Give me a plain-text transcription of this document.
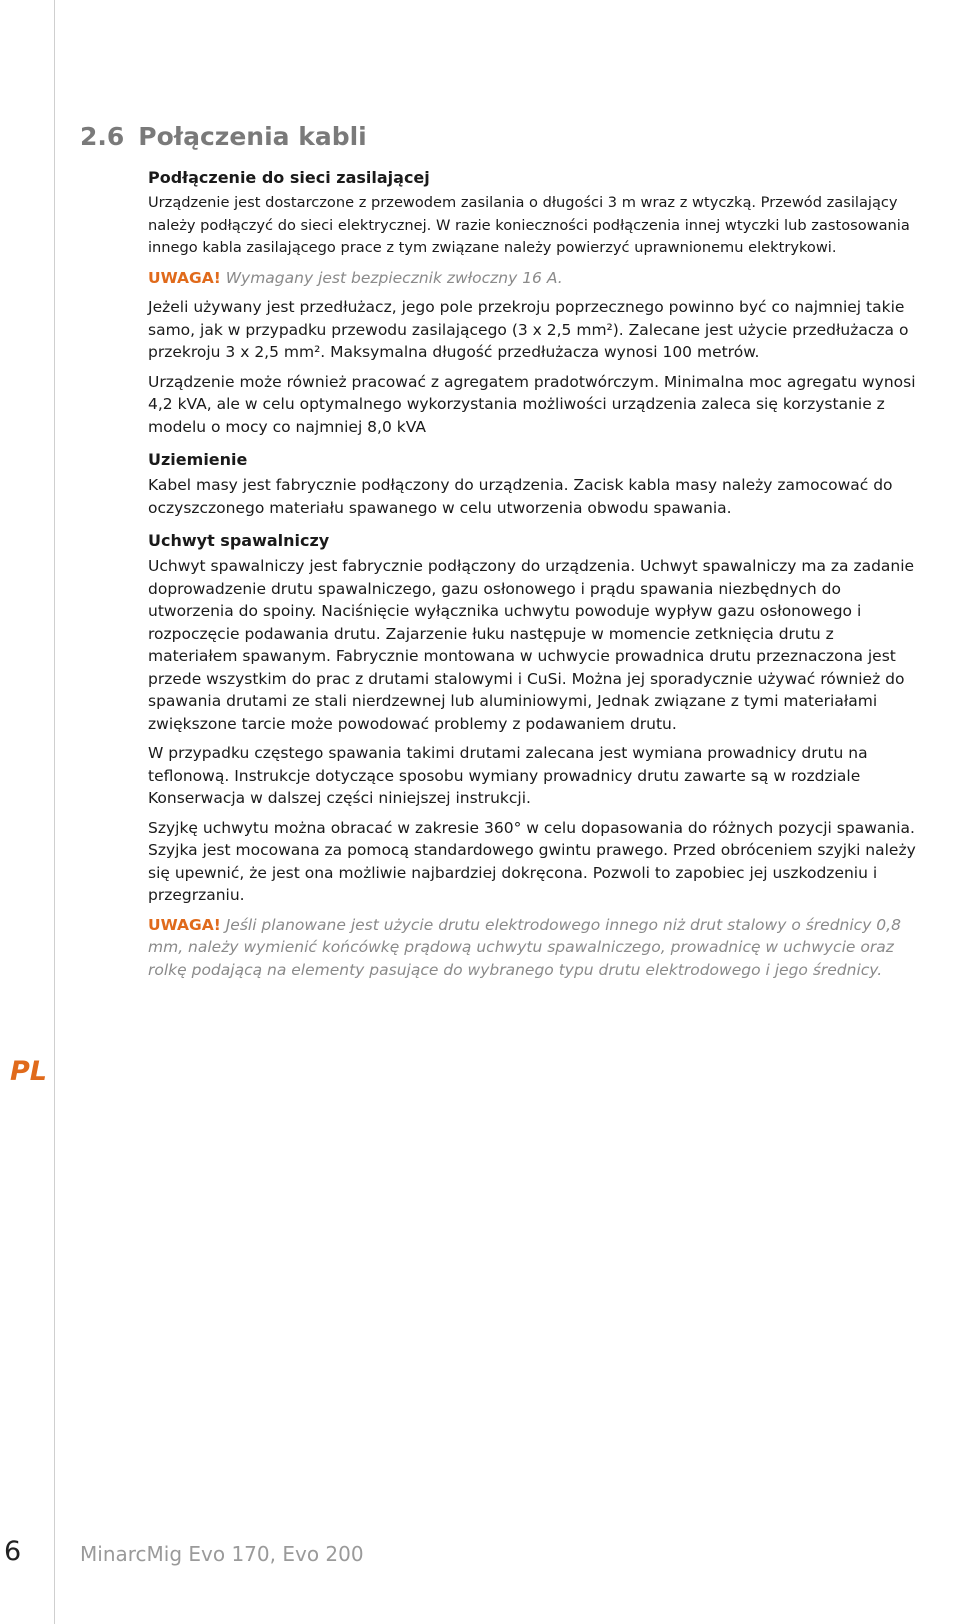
2.6 Połączenia kabli
Podłączenie do sieci zasilającej

Urządzenie jest dostarczone z przewodem zasilania o długości 3 m wraz z wtyczką. Przewód zasilający należy podłączyć do sieci elektrycznej. W razie konieczności podłączenia innej wtyczki lub zastosowania innego kabla zasilającego prace z tym związane należy powierzyć uprawnionemu elektrykowi.

UWAGA! Wymagany jest bezpiecznik zwłoczny 16 A.

Jeżeli używany jest przedłużacz, jego pole przekroju poprzecznego powinno być co najmniej takie samo, jak w przypadku przewodu zasilającego (3 x 2,5 mm²). Zalecane jest użycie przedłużacza o przekroju 3 x 2,5 mm². Maksymalna długość przedłużacza wynosi 100 metrów.

Urządzenie może również pracować z agregatem pradotwórczym. Minimalna moc agregatu wynosi 4,2 kVA, ale w celu optymalnego wykorzystania możliwości urządzenia zaleca się korzystanie z modelu o mocy co najmniej 8,0 kVA

Uziemienie

Kabel masy jest fabrycznie podłączony do urządzenia. Zacisk kabla masy należy zamocować do oczyszczonego materiału spawanego w celu utworzenia obwodu spawania.

Uchwyt spawalniczy

Uchwyt spawalniczy jest fabrycznie podłączony do urządzenia. Uchwyt spawalniczy ma za zadanie doprowadzenie drutu spawalniczego, gazu osłonowego i prądu spawania niezbędnych do utworzenia do spoiny. Naciśnięcie wyłącznika uchwytu powoduje wypływ gazu osłonowego i rozpoczęcie podawania drutu. Zajarzenie łuku następuje w momencie zetknięcia drutu z materiałem spawanym. Fabrycznie montowana w uchwycie prowadnica drutu przeznaczona jest przede wszystkim do prac z drutami stalowymi i CuSi. Można jej sporadycznie używać również do spawania drutami ze stali nierdzewnej lub aluminiowymi, Jednak związane z tymi materiałami zwiększone tarcie może powodować problemy z podawaniem drutu.

W przypadku częstego spawania takimi drutami zalecana jest wymiana prowadnicy drutu na teflonową. Instrukcje dotyczące sposobu wymiany prowadnicy drutu zawarte są w rozdziale Konserwacja w dalszej części niniejszej instrukcji.

Szyjkę uchwytu można obracać w zakresie 360° w celu dopasowania do różnych pozycji spawania. Szyjka jest mocowana za pomocą standardowego gwintu prawego. Przed obróceniem szyjki należy się upewnić, że jest ona możliwie najbardziej dokręcona. Pozwoli to zapobiec jej uszkodzeniu i przegrzaniu.

UWAGA! Jeśli planowane jest użycie drutu elektrodowego innego niż drut stalowy o średnicy 0,8 mm, należy wymienić końcówkę prądową uchwytu spawalniczego, prowadnicę w uchwycie oraz rolkę podającą na elementy pasujące do wybranego typu drutu elektrodowego i jego średnicy.

PL
6	MinarcMig Evo 170, Evo 200
